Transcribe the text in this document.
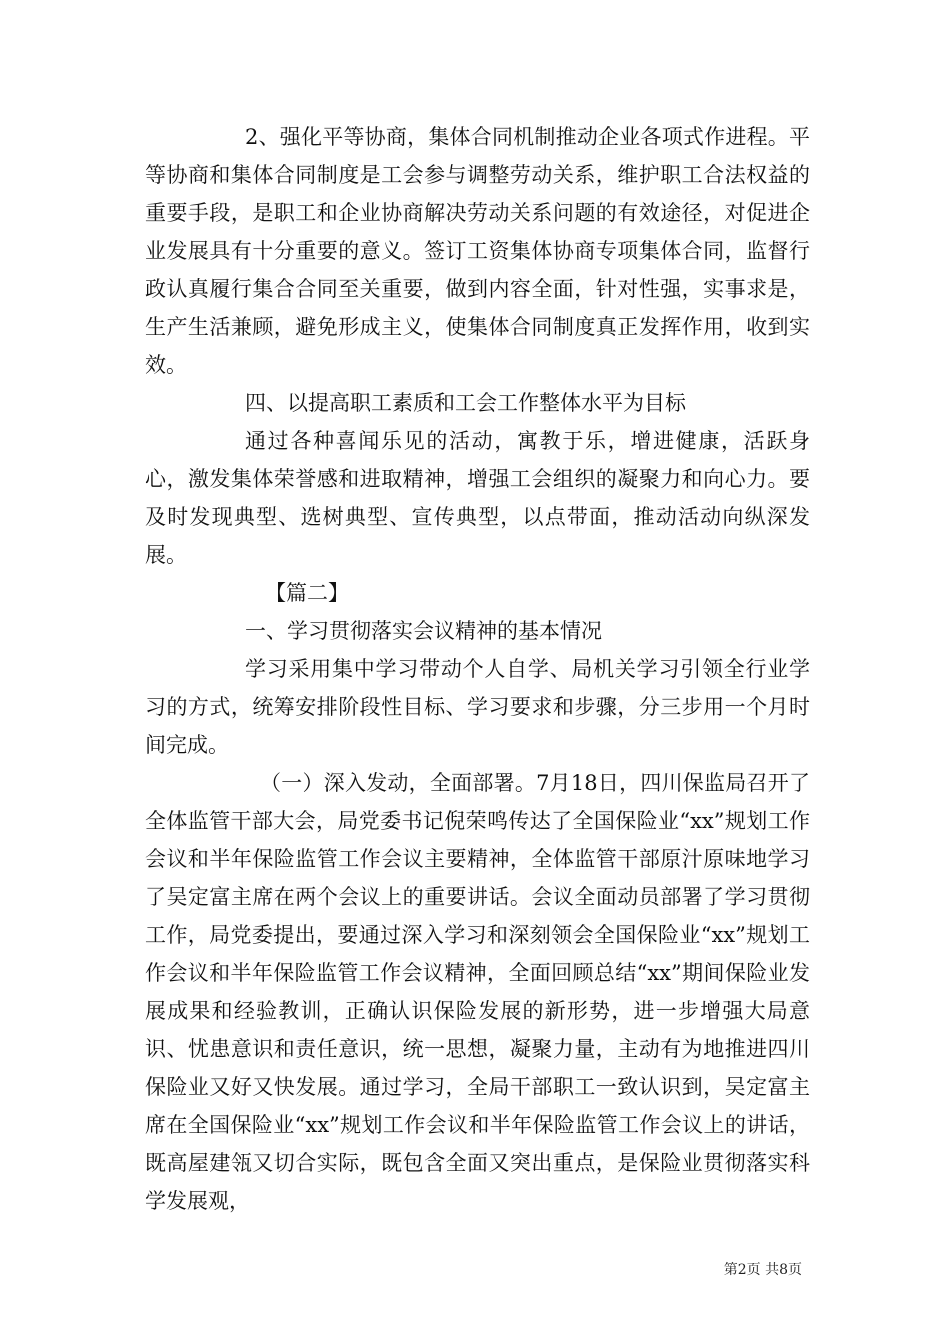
2、强化平等协商，集体合同机制推动企业各项式作进程。平等协商和集体合同制度是工会参与调整劳动关系，维护职工合法权益的重要手段，是职工和企业协商解决劳动关系问题的有效途径，对促进企业发展具有十分重要的意义。签订工资集体协商专项集体合同，监督行政认真履行集合合同至关重要，做到内容全面，针对性强，实事求是，生产生活兼顾，避免形成主义，使集体合同制度真正发挥作用，收到实效。

四、以提高职工素质和工会工作整体水平为目标

通过各种喜闻乐见的活动，寓教于乐，增进健康，活跃身心，激发集体荣誉感和进取精神，增强工会组织的凝聚力和向心力。要及时发现典型、选树典型、宣传典型，以点带面，推动活动向纵深发展。

【篇二】

一、学习贯彻落实会议精神的基本情况

学习采用集中学习带动个人自学、局机关学习引领全行业学习的方式，统筹安排阶段性目标、学习要求和步骤，分三步用一个月时间完成。

（一）深入发动，全面部署。7月18日，四川保监局召开了全体监管干部大会，局党委书记倪荣鸣传达了全国保险业“xx”规划工作会议和半年保险监管工作会议主要精神，全体监管干部原汁原味地学习了吴定富主席在两个会议上的重要讲话。会议全面动员部署了学习贯彻工作，局党委提出，要通过深入学习和深刻领会全国保险业“xx”规划工作会议和半年保险监管工作会议精神，全面回顾总结“xx”期间保险业发展成果和经验教训，正确认识保险发展的新形势，进一步增强大局意识、忧患意识和责任意识，统一思想，凝聚力量，主动有为地推进四川保险业又好又快发展。通过学习，全局干部职工一致认识到，吴定富主席在全国保险业“xx”规划工作会议和半年保险监管工作会议上的讲话，既高屋建瓴又切合实际，既包含全面又突出重点，是保险业贯彻落实科学发展观，

第2页 共8页
